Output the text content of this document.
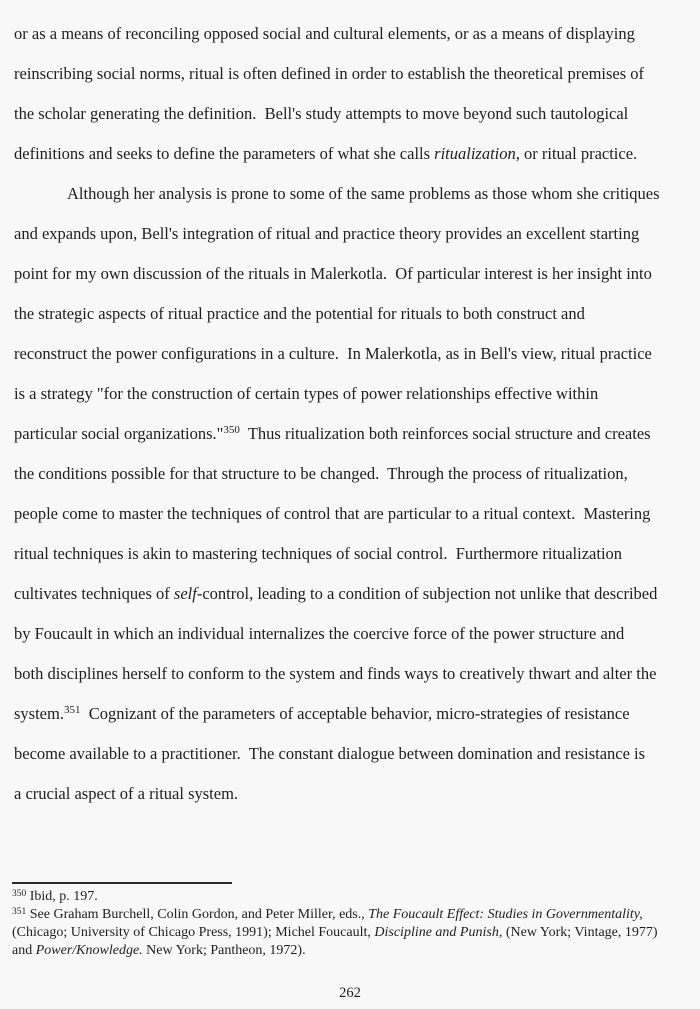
or as a means of reconciling opposed social and cultural elements, or as a means of displaying
reinscribing social norms, ritual is often defined in order to establish the theoretical premises of
the scholar generating the definition.  Bell's study attempts to move beyond such tautological
definitions and seeks to define the parameters of what she calls ritualization, or ritual practice.
Although her analysis is prone to some of the same problems as those whom she critiques
and expands upon, Bell's integration of ritual and practice theory provides an excellent starting
point for my own discussion of the rituals in Malerkotla.  Of particular interest is her insight into
the strategic aspects of ritual practice and the potential for rituals to both construct and
reconstruct the power configurations in a culture.  In Malerkotla, as in Bell's view, ritual practice
is a strategy "for the construction of certain types of power relationships effective within
particular social organizations."$^{350}$  Thus ritualization both reinforces social structure and creates
the conditions possible for that structure to be changed.  Through the process of ritualization,
people come to master the techniques of control that are particular to a ritual context.  Mastering
ritual techniques is akin to mastering techniques of social control.  Furthermore ritualization
cultivates techniques of self-control, leading to a condition of subjection not unlike that described
by Foucault in which an individual internalizes the coercive force of the power structure and
both disciplines herself to conform to the system and finds ways to creatively thwart and alter the
system.$^{351}$  Cognizant of the parameters of acceptable behavior, micro-strategies of resistance
become available to a practitioner.  The constant dialogue between domination and resistance is
a crucial aspect of a ritual system.
$^{350}$ Ibid, p. 197.
$^{351}$ See Graham Burchell, Colin Gordon, and Peter Miller, eds., The Foucault Effect: Studies in Governmentality,
(Chicago; University of Chicago Press, 1991); Michel Foucault, Discipline and Punish, (New York; Vintage, 1977)
and Power/Knowledge. New York; Pantheon, 1972).
262
